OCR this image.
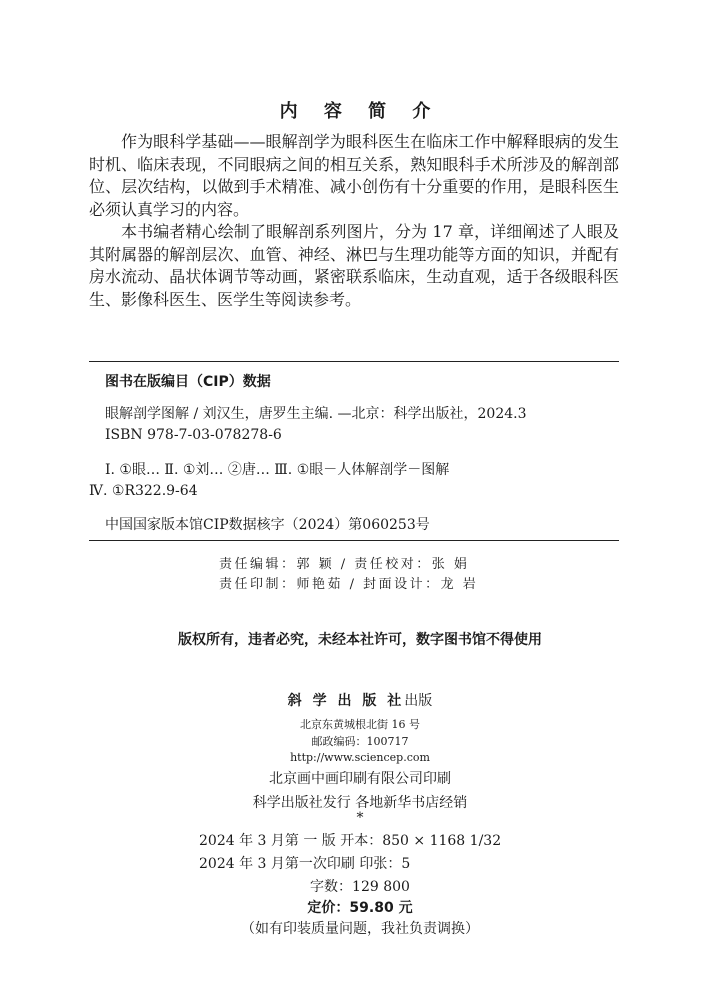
内 容 简 介

作为眼科学基础——眼解剖学为眼科医生在临床工作中解释眼病的发生时机、临床表现，不同眼病之间的相互关系，熟知眼科手术所涉及的解剖部位、层次结构，以做到手术精准、减小创伤有十分重要的作用，是眼科医生必须认真学习的内容。

本书编者精心绘制了眼解剖系列图片，分为 17 章，详细阐述了人眼及其附属器的解剖层次、血管、神经、淋巴与生理功能等方面的知识，并配有房水流动、晶状体调节等动画，紧密联系临床，生动直观，适于各级眼科医生、影像科医生、医学生等阅读参考。

图书在版编目（CIP）数据
眼解剖学图解 / 刘汉生，唐罗生主编. —北京：科学出版社，2024.3
ISBN 978-7-03-078278-6
Ⅰ. ①眼… Ⅱ. ①刘… ②唐… Ⅲ. ①眼－人体解剖学－图解
Ⅳ. ①R322.9-64
中国国家版本馆CIP数据核字（2024）第060253号
责任编辑：郭 颖 / 责任校对：张 娟
责任印制：师艳茹 / 封面设计：龙 岩
版权所有，违者必究，未经本社许可，数字图书馆不得使用
斜 学 出 版 社出版
北京东黄城根北街 16 号
邮政编码：100717
http://www.sciencep.com
北京画中画印刷有限公司印刷
科学出版社发行 各地新华书店经销
*
2024 年 3 月第 一 版 开本：850 × 1168 1/32
2024 年 3 月第一次印刷 印张：5
字数：129 800
定价：59.80 元
（如有印装质量问题，我社负责调换）
